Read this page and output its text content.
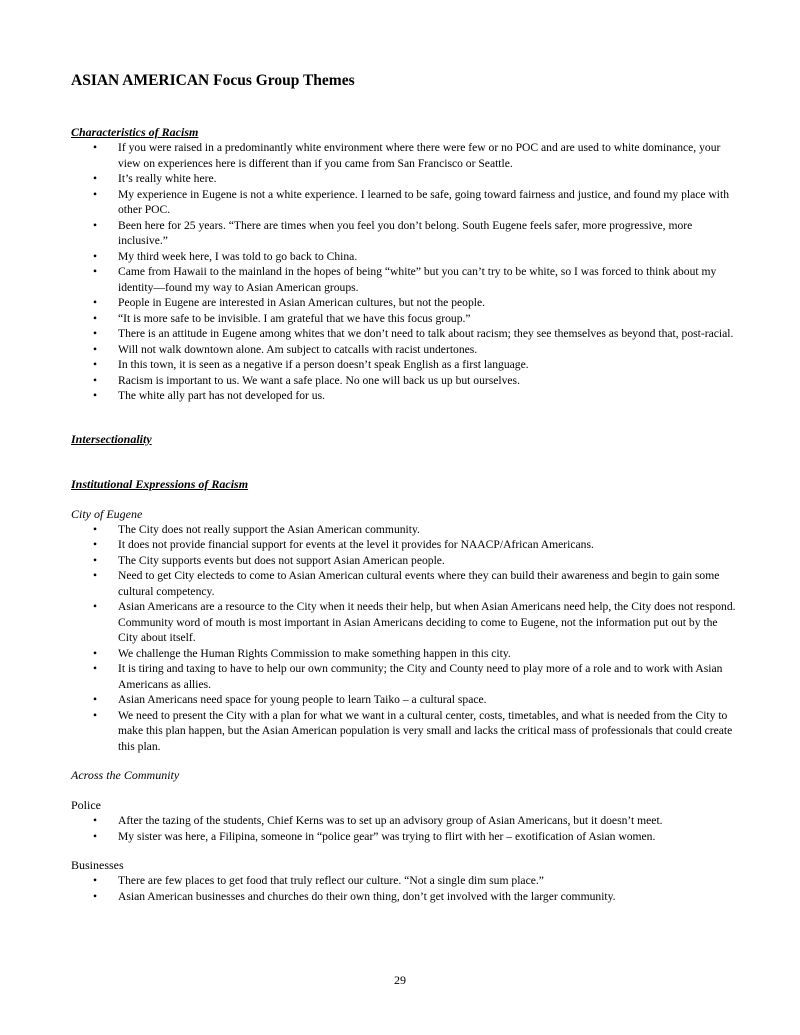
ASIAN AMERICAN Focus Group Themes
Characteristics of Racism
• If you were raised in a predominantly white environment where there were few or no POC and are used to white dominance, your view on experiences here is different than if you came from San Francisco or Seattle.
• It’s really white here.
• My experience in Eugene is not a white experience. I learned to be safe, going toward fairness and justice, and found my place with other POC.
• Been here for 25 years. “There are times when you feel you don’t belong. South Eugene feels safer, more progressive, more inclusive.”
• My third week here, I was told to go back to China.
• Came from Hawaii to the mainland in the hopes of being “white” but you can’t try to be white, so I was forced to think about my identity—found my way to Asian American groups.
• People in Eugene are interested in Asian American cultures, but not the people.
• “It is more safe to be invisible. I am grateful that we have this focus group.”
• There is an attitude in Eugene among whites that we don’t need to talk about racism; they see themselves as beyond that, post-racial.
• Will not walk downtown alone. Am subject to catcalls with racist undertones.
• In this town, it is seen as a negative if a person doesn’t speak English as a first language.
• Racism is important to us. We want a safe place. No one will back us up but ourselves.
• The white ally part has not developed for us.
Intersectionality
Institutional Expressions of Racism

City of Eugene

• The City does not really support the Asian American community.
• It does not provide financial support for events at the level it provides for NAACP/African Americans.
• The City supports events but does not support Asian American people.
• Need to get City electeds to come to Asian American cultural events where they can build their awareness and begin to gain some cultural competency.
• Asian Americans are a resource to the City when it needs their help, but when Asian Americans need help, the City does not respond. Community word of mouth is most important in Asian Americans deciding to come to Eugene, not the information put out by the City about itself.
• We challenge the Human Rights Commission to make something happen in this city.
• It is tiring and taxing to have to help our own community; the City and County need to play more of a role and to work with Asian Americans as allies.
• Asian Americans need space for young people to learn Taiko – a cultural space.
• We need to present the City with a plan for what we want in a cultural center, costs, timetables, and what is needed from the City to make this plan happen, but the Asian American population is very small and lacks the critical mass of professionals that could create this plan.

Across the Community

Police

• After the tazing of the students, Chief Kerns was to set up an advisory group of Asian Americans, but it doesn’t meet.
• My sister was here, a Filipina, someone in “police gear” was trying to flirt with her – exotification of Asian women.

Businesses

• There are few places to get food that truly reflect our culture. “Not a single dim sum place.”
• Asian American businesses and churches do their own thing, don’t get involved with the larger community.
29
